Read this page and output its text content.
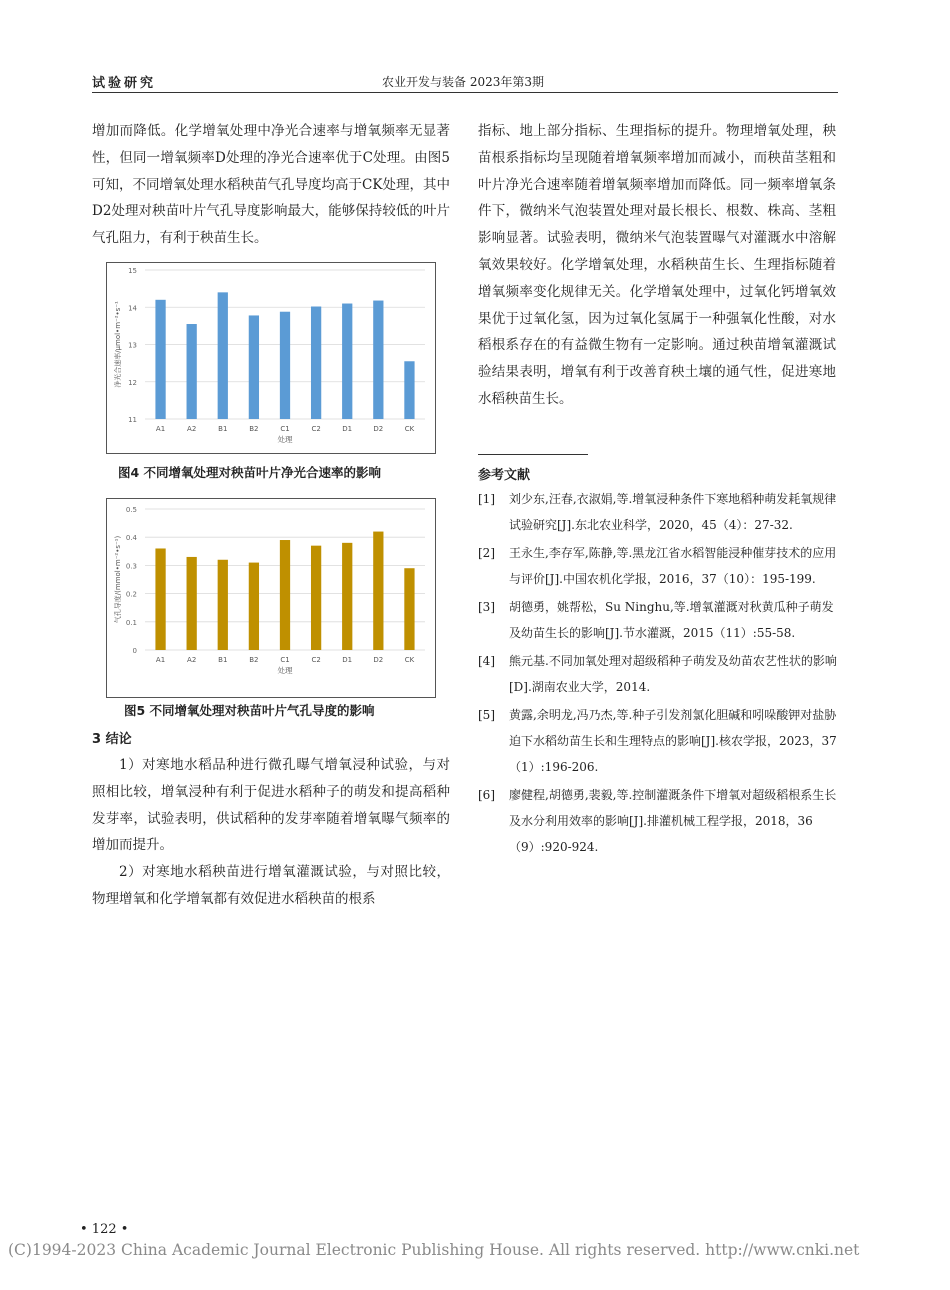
试验研究	农业开发与装备 2023年第3期

增加而降低。化学增氧处理中净光合速率与增氧频率无显著性，但同一增氧频率D处理的净光合速率优于C处理。由图5可知，不同增氧处理水稻秧苗气孔导度均高于CK处理，其中D2处理对秧苗叶片气孔导度影响最大，能够保持较低的叶片气孔阻力，有利于秧苗生长。

11
12
13
14
15
A1	A2	B1	B2	C1	C2	D1	D2	CK
处理
净光合速率/μmol•m⁻²•s⁻¹
图4 不同增氧处理对秧苗叶片净光合速率的影响
0
0.1
0.2
0.3
0.4
0.5
A1	A2	B1	B2	C1	C2	D1	D2	CK
处理
气孔导度/(mmol•m⁻²•s⁻¹)
图5 不同增氧处理对秧苗叶片气孔导度的影响
3 结论

1）对寒地水稻品种进行微孔曝气增氧浸种试验，与对照相比较，增氧浸种有利于促进水稻种子的萌发和提高稻种发芽率，试验表明，供试稻种的发芽率随着增氧曝气频率的增加而提升。

2）对寒地水稻秧苗进行增氧灌溉试验，与对照比较，物理增氧和化学增氧都有效促进水稻秧苗的根系

指标、地上部分指标、生理指标的提升。物理增氧处理，秧苗根系指标均呈现随着增氧频率增加而减小，而秧苗茎粗和叶片净光合速率随着增氧频率增加而降低。同一频率增氧条件下，微纳米气泡装置处理对最长根长、根数、株高、茎粗影响显著。试验表明，微纳米气泡装置曝气对灌溉水中溶解氧效果较好。化学增氧处理，水稻秧苗生长、生理指标随着增氧频率变化规律无关。化学增氧处理中，过氧化钙增氧效果优于过氧化氢，因为过氧化氢属于一种强氧化性酸，对水稻根系存在的有益微生物有一定影响。通过秧苗增氧灌溉试验结果表明，增氧有利于改善育秧土壤的通气性，促进寒地水稻秧苗生长。

参考文献

[1] 刘少东,汪春,衣淑娟,等.增氧浸种条件下寒地稻种萌发耗氧规律试验研究[J].东北农业科学，2020，45（4）：27-32.

[2] 王永生,李存军,陈静,等.黑龙江省水稻智能浸种催芽技术的应用与评价[J].中国农机化学报，2016，37（10）：195-199.

[3] 胡德勇，姚帮松，Su Ninghu,等.增氧灌溉对秋黄瓜种子萌发及幼苗生长的影响[J].节水灌溉，2015（11）:55-58.

[4] 熊元基.不同加氧处理对超级稻种子萌发及幼苗农艺性状的影响[D].湖南农业大学，2014.

[5] 黄露,余明龙,冯乃杰,等.种子引发剂氯化胆碱和吲哚酸钾对盐胁迫下水稻幼苗生长和生理特点的影响[J].核农学报，2023，37（1）:196-206.

[6] 廖健程,胡德勇,裴毅,等.控制灌溉条件下增氧对超级稻根系生长及水分利用效率的影响[J].排灌机械工程学报，2018，36（9）:920-924.

• 122 •
(C)1994-2023 China Academic Journal Electronic Publishing House. All rights reserved. http://www.cnki.net
